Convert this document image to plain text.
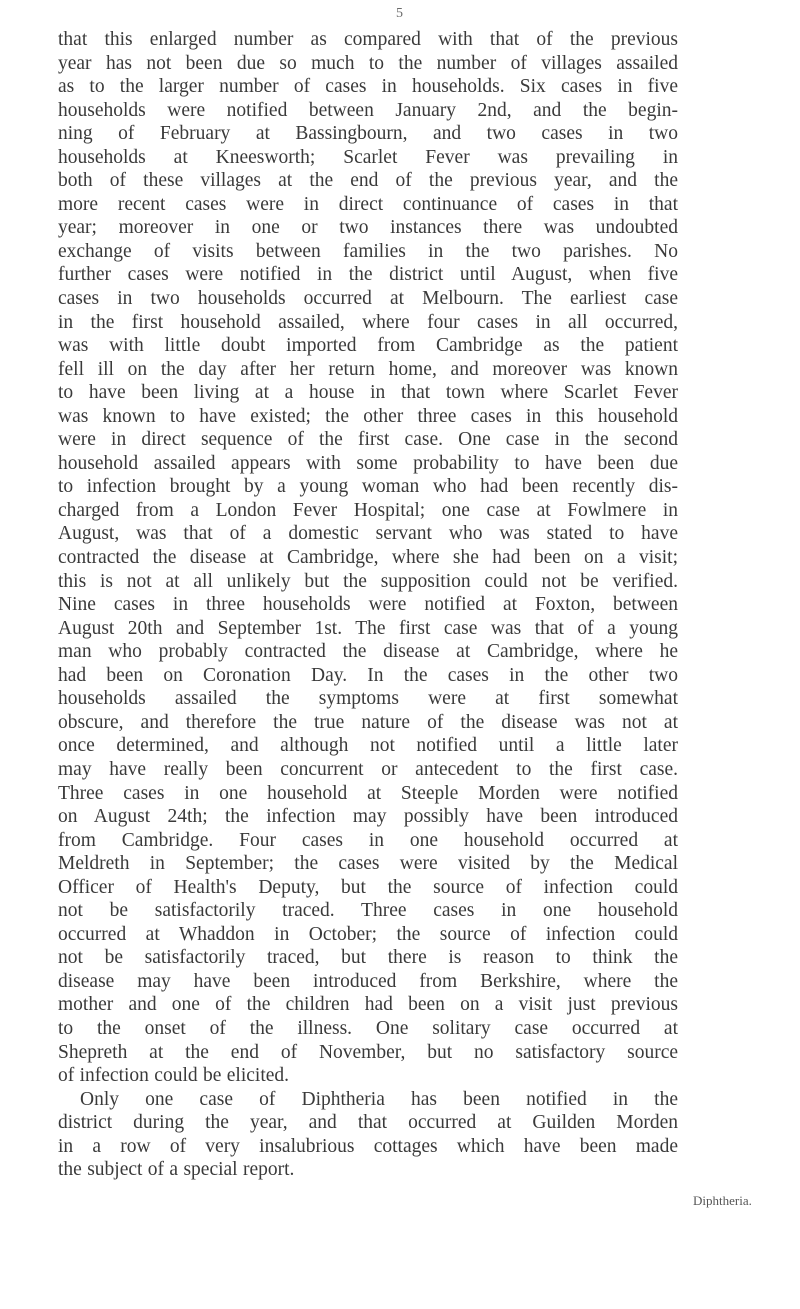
5
that this enlarged number as compared with that of the previous
year has not been due so much to the number of villages assailed
as to the larger number of cases in households. Six cases in five
households were notified between January 2nd, and the begin-
ning of February at Bassingbourn, and two cases in two
households at Kneesworth; Scarlet Fever was prevailing in
both of these villages at the end of the previous year, and the
more recent cases were in direct continuance of cases in that
year; moreover in one or two instances there was undoubted
exchange of visits between families in the two parishes. No
further cases were notified in the district until August, when five
cases in two households occurred at Melbourn. The earliest case
in the first household assailed, where four cases in all occurred,
was with little doubt imported from Cambridge as the patient
fell ill on the day after her return home, and moreover was known
to have been living at a house in that town where Scarlet Fever
was known to have existed; the other three cases in this household
were in direct sequence of the first case. One case in the second
household assailed appears with some probability to have been due
to infection brought by a young woman who had been recently dis-
charged from a London Fever Hospital; one case at Fowlmere in
August, was that of a domestic servant who was stated to have
contracted the disease at Cambridge, where she had been on a visit;
this is not at all unlikely but the supposition could not be verified.
Nine cases in three households were notified at Foxton, between
August 20th and September 1st. The first case was that of a young
man who probably contracted the disease at Cambridge, where he
had been on Coronation Day. In the cases in the other two
households assailed the symptoms were at first somewhat
obscure, and therefore the true nature of the disease was not at
once determined, and although not notified until a little later
may have really been concurrent or antecedent to the first case.
Three cases in one household at Steeple Morden were notified
on August 24th; the infection may possibly have been introduced
from Cambridge. Four cases in one household occurred at
Meldreth in September; the cases were visited by the Medical
Officer of Health's Deputy, but the source of infection could
not be satisfactorily traced. Three cases in one household
occurred at Whaddon in October; the source of infection could
not be satisfactorily traced, but there is reason to think the
disease may have been introduced from Berkshire, where the
mother and one of the children had been on a visit just previous
to the onset of the illness. One solitary case occurred at
Shepreth at the end of November, but no satisfactory source
of infection could be elicited.
Only one case of Diphtheria has been notified in the
district during the year, and that occurred at Guilden Morden
in a row of very insalubrious cottages which have been made
the subject of a special report.
Diphtheria.
